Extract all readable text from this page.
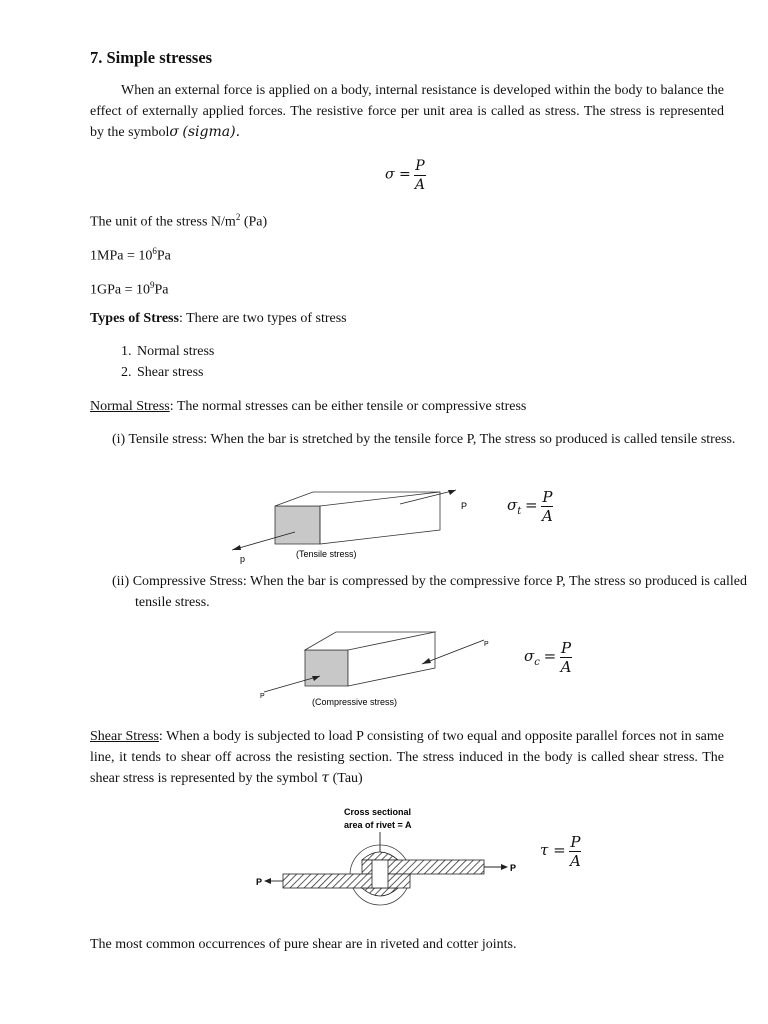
7. Simple stresses
When an external force is applied on a body, internal resistance is developed within the body to balance the effect of externally applied forces. The resistive force per unit area is called as stress. The stress is represented by the symbolσ (sigma).
$\sigma = \frac{P}{A}$
The unit of the stress $N/m^2$ (Pa)
$1MPa = 10^6Pa$
$1GPa = 10^9Pa$
Types of Stress: There are two types of stress
1. Normal stress
2. Shear stress
Normal Stress: The normal stresses can be either tensile or compressive stress
(i) Tensile stress: When the bar is stretched by the tensile force P, The stress so produced is called tensile stress.
P
p	(Tensile stress)
$\sigma_t = \frac{P}{A}$
(ii) Compressive Stress: When the bar is compressed by the compressive force P, The stress so produced is called tensile stress.
P
P
(Compressive stress)
$\sigma_c = \frac{P}{A}$
Shear Stress: When a body is subjected to load P consisting of two equal and opposite parallel forces not in same line, it tends to shear off across the resisting section. The stress induced in the body is called shear stress. The shear stress is represented by the symbol τ (Tau)
Cross sectional
area of rivet = A
P
P
$\tau = \frac{P}{A}$
The most common occurrences of pure shear are in riveted and cotter joints.
